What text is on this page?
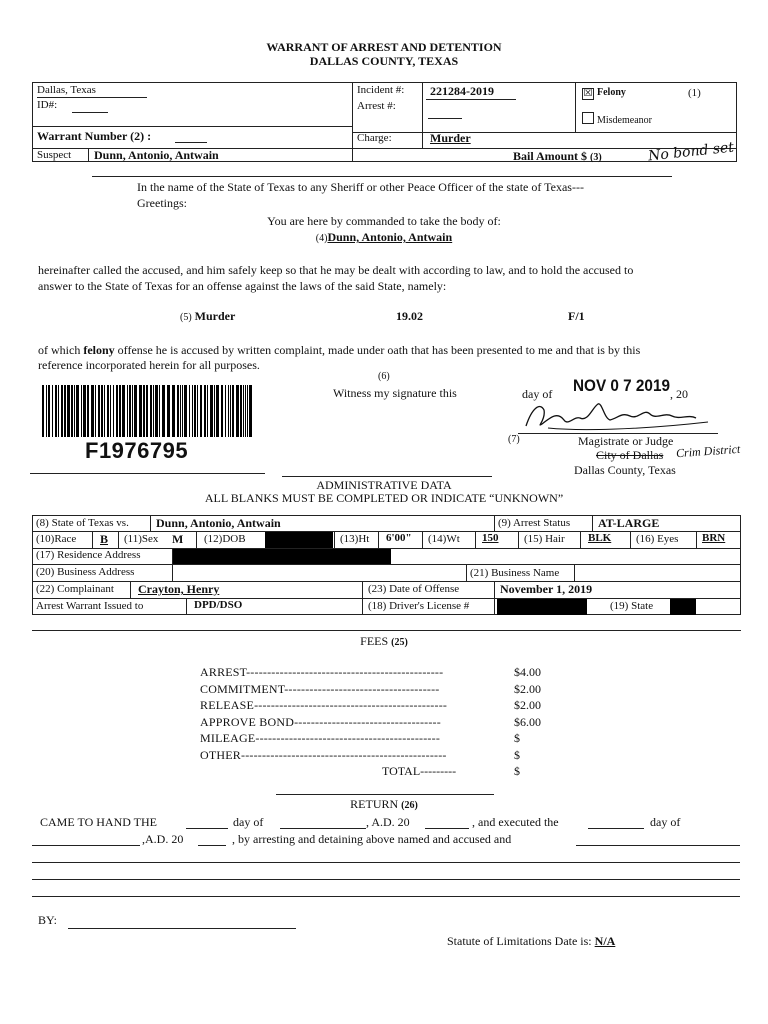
WARRANT OF ARREST AND DETENTION
DALLAS COUNTY, TEXAS
Dallas, Texas
ID#:
Warrant Number (2) :
Suspect Dunn, Antonio, Antwain
Incident #: 221284-2019
Arrest #:
Charge:	Murder
☒ Felony	(1)
Misdemeanor
Bail Amount $ (3)	No bond set
In the name of the State of Texas to any Sheriff or other Peace Officer of the state of Texas---
Greetings:
You are here by commanded to take the body of:
(4)Dunn, Antonio, Antwain
hereinafter called the accused, and him safely keep so that he may be dealt with according to law, and to hold the accused to
answer to the State of Texas for an offense against the laws of the said State, namely:
(5) Murder	19.02	F/1
of which felony offense he is accused by written complaint, made under oath that has been presented to me and that is by this
reference incorporated herein for all purposes.
F1976795
(6)
Witness my signature this	day of NOV 0 7 2019 , 20
(7)	Magistrate or Judge
City of Dallas Crim District
Dallas County, Texas
ADMINISTRATIVE DATA
ALL BLANKS MUST BE COMPLETED OR INDICATE “UNKNOWN”
(8) State of Texas vs. Dunn, Antonio, Antwain	(9) Arrest Status AT-LARGE
(10)Race B (11)Sex M (12)DOB	(13)Ht 6'00" (14)Wt 150 (15) Hair BLK (16) Eyes BRN
(17) Residence Address
(20) Business Address	(21) Business Name
(22) Complainant Crayton, Henry	(23) Date of Offense	November 1, 2019
Arrest Warrant Issued to	DPD/DSO	(18) Driver's License #	(19) State
FEES (25)
ARREST-----------------------------------------------	$4.00
COMMITMENT-------------------------------------	$2.00
RELEASE----------------------------------------------	$2.00
APPROVE BOND-----------------------------------	$6.00
MILEAGE--------------------------------------------	$
OTHER-------------------------------------------------	$
TOTAL---------	$
RETURN (26)
CAME TO HAND THE	day of	, A.D. 20	, and executed the	day of
,A.D. 20	, by arresting and detaining above named and accused and
BY:
Statute of Limitations Date is: N/A
